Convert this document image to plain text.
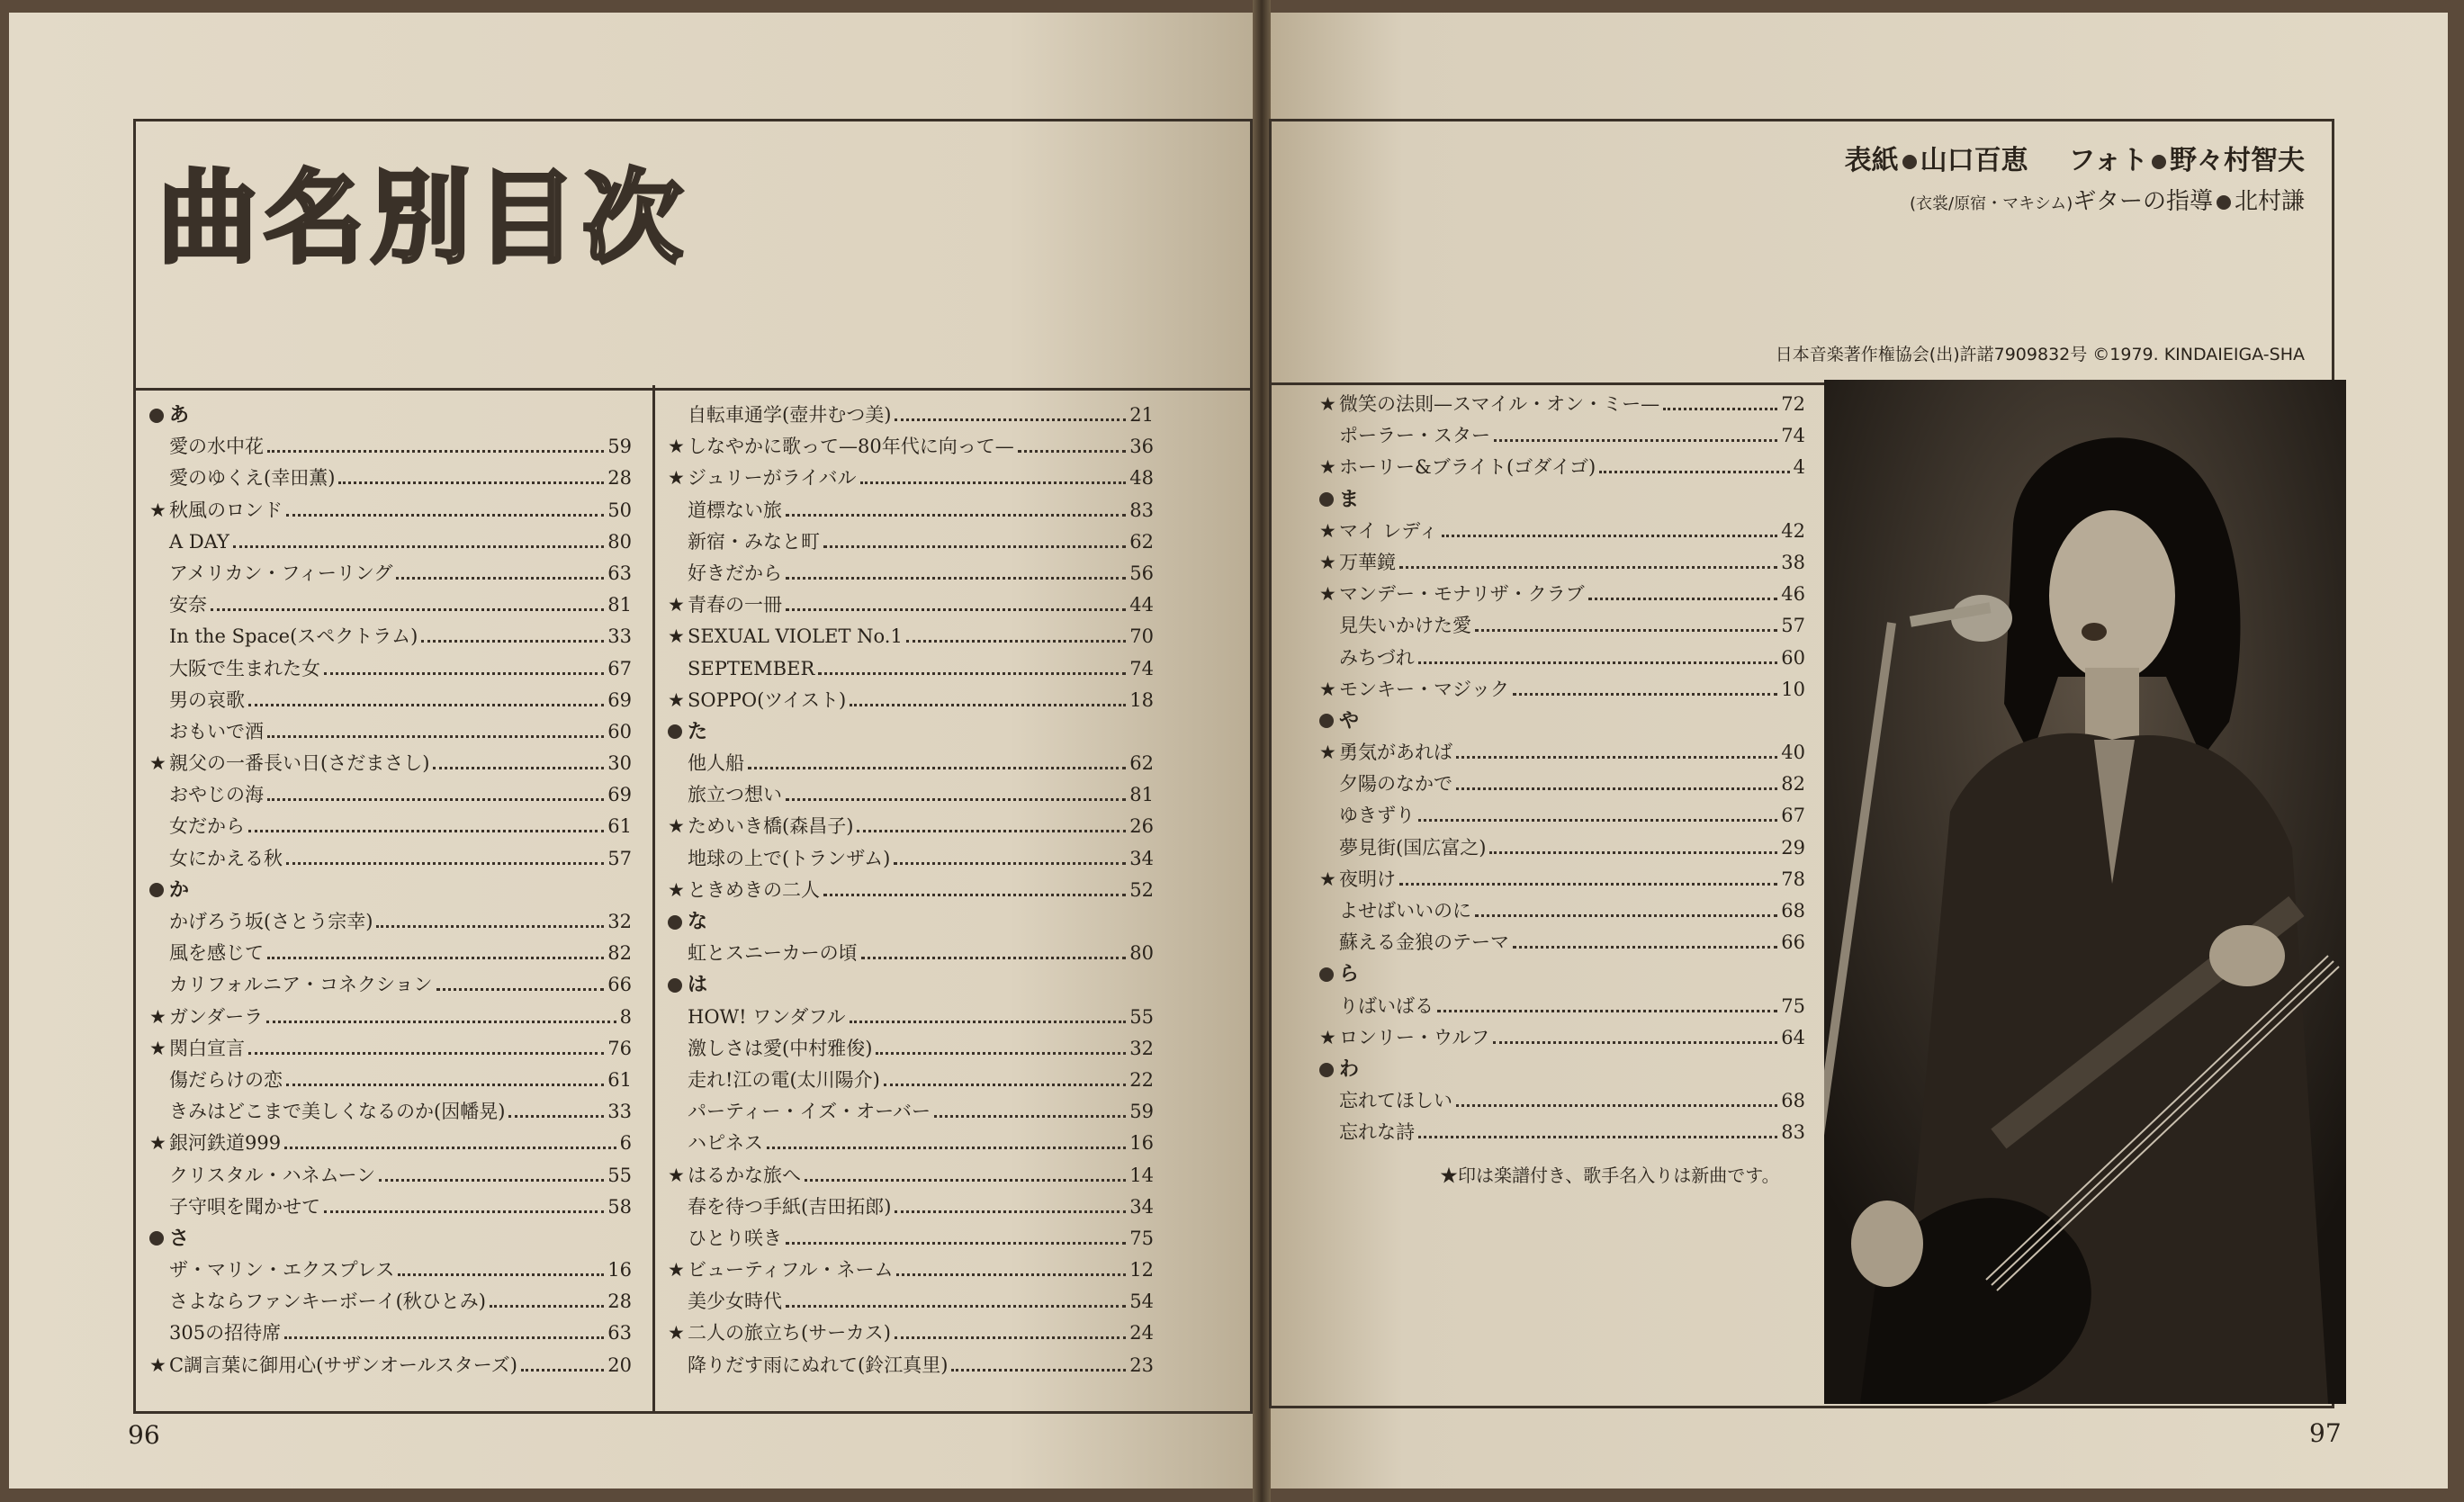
曲名別目次	表紙 山口百恵 フォト 野々村智夫
(衣裳/原宿・マキシム)ギターの指導 北村謙
日本音楽著作権協会(出)許諾7909832号 ©1979. KINDAIEIGA-SHA
あ
愛の水中花	59
愛のゆくえ(幸田薫)	28
★ 秋風のロンド	50
A DAY	80
アメリカン・フィーリング	63
安奈	81
In the Space(スペクトラム)	33
大阪で生まれた女	67
男の哀歌	69
おもいで酒	60
★ 親父の一番長い日(さだまさし)	30
おやじの海	69
女だから	61
女にかえる秋	57
か
かげろう坂(さとう宗幸)	32
風を感じて	82
カリフォルニア・コネクション	66
★ ガンダーラ	8
★ 関白宣言	76
傷だらけの恋	61
きみはどこまで美しくなるのか(因幡晃)	33
★ 銀河鉄道999	6
クリスタル・ハネムーン	55
子守唄を聞かせて	58
さ
ザ・マリン・エクスプレス	16
さよならファンキーボーイ(秋ひとみ)	28
305の招待席	63
★ C調言葉に御用心(サザンオールスターズ)	20
自転車通学(壺井むつ美)	21
★ しなやかに歌って—80年代に向って—	36
★ ジュリーがライバル	48
道標ない旅	83
新宿・みなと町	62
好きだから	56
★ 青春の一冊	44
★ SEXUAL VIOLET No.1	70
SEPTEMBER	74
★ SOPPO(ツイスト)	18
た
他人船	62
旅立つ想い	81
★ ためいき橋(森昌子)	26
地球の上で(トランザム)	34
★ ときめきの二人	52
な
虹とスニーカーの頃	80
は
HOW! ワンダフル	55
激しさは愛(中村雅俊)	32
走れ!江の電(太川陽介)	22
パーティー・イズ・オーバー	59
ハピネス	16
★ はるかな旅へ	14
春を待つ手紙(吉田拓郎)	34
ひとり咲き	75
★ ビューティフル・ネーム	12
美少女時代	54
★ 二人の旅立ち(サーカス)	24
降りだす雨にぬれて(鈴江真里)	23
★ 微笑の法則—スマイル・オン・ミー—	72
ポーラー・スター	74
★ ホーリー&ブライト(ゴダイゴ)	4
ま
★ マイ レディ	42
★ 万華鏡	38
★ マンデー・モナリザ・クラブ	46
見失いかけた愛	57
みちづれ	60
★ モンキー・マジック	10
や
★ 勇気があれば	40
夕陽のなかで	82
ゆきずり	67
夢見街(国広富之)	29
★ 夜明け	78
よせばいいのに	68
蘇える金狼のテーマ	66
ら
りばいばる	75
★ ロンリー・ウルフ	64
わ
忘れてほしい	68
忘れな詩	83
★印は楽譜付き、歌手名入りは新曲です。
96	97
